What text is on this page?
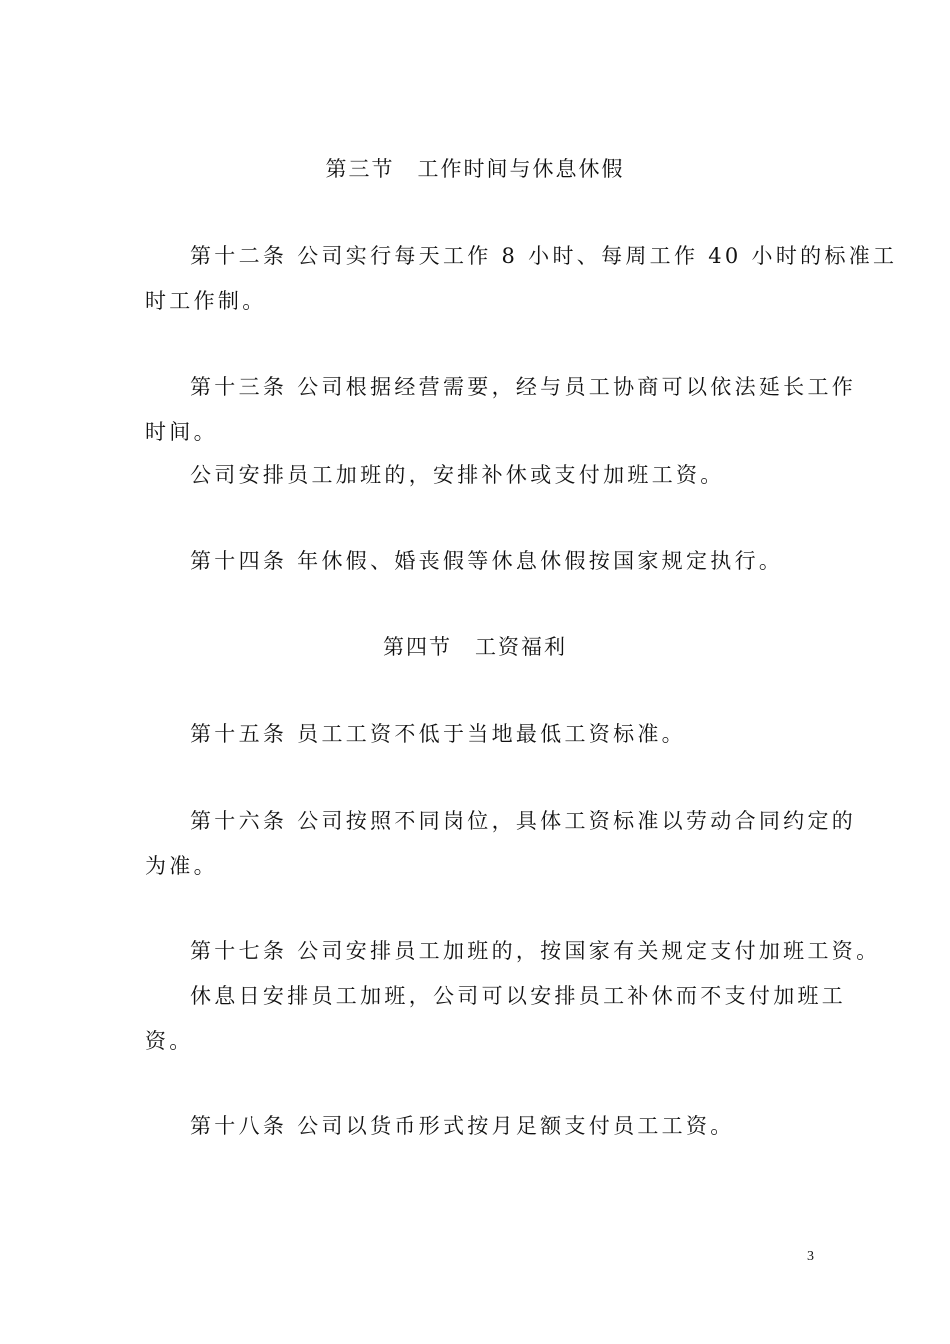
第三节　工作时间与休息休假
第十二条 公司实行每天工作 8 小时、每周工作 40 小时的标准工
时工作制。
第十三条 公司根据经营需要，经与员工协商可以依法延长工作
时间。
公司安排员工加班的，安排补休或支付加班工资。
第十四条 年休假、婚丧假等休息休假按国家规定执行。
第四节　工资福利
第十五条 员工工资不低于当地最低工资标准。
第十六条 公司按照不同岗位，具体工资标准以劳动合同约定的
为准。
第十七条 公司安排员工加班的，按国家有关规定支付加班工资。
休息日安排员工加班，公司可以安排员工补休而不支付加班工
资。
第十八条 公司以货币形式按月足额支付员工工资。
3
